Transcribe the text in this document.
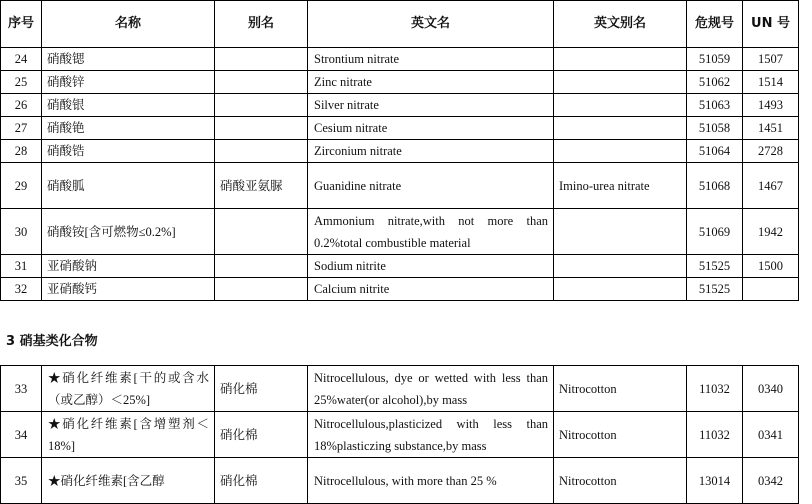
序号	名称	别名	英文名	英文别名	危规号	UN 号
24	硝酸锶		Strontium nitrate		51059	1507
25	硝酸锌		Zinc nitrate		51062	1514
26	硝酸银		Silver nitrate		51063	1493
27	硝酸铯		Cesium nitrate		51058	1451
28	硝酸锆		Zirconium nitrate		51064	2728
29	硝酸胍	硝酸亚氨脲	Guanidine nitrate	Imino-urea nitrate	51068	1467
30	硝酸铵[含可燃物≤0.2%]		Ammonium nitrate,with not more than 0.2%total combustible material		51069	1942
31	亚硝酸钠		Sodium nitrite		51525	1500
32	亚硝酸钙		Calcium nitrite		51525	
3 硝基类化合物
33	★硝化纤维素[干的或含水（或乙醇）＜25%]	硝化棉	Nitrocellulous, dye or wetted with less than 25%water(or alcohol),by mass	Nitrocotton	11032	0340
34	★硝化纤维素[含增塑剂＜18%]	硝化棉	Nitrocellulous,plasticized with less than 18%plasticzing substance,by mass	Nitrocotton	11032	0341
35	★硝化纤维素[含乙醇	硝化棉	Nitrocellulous, with more than 25 %	Nitrocotton	13014	0342
